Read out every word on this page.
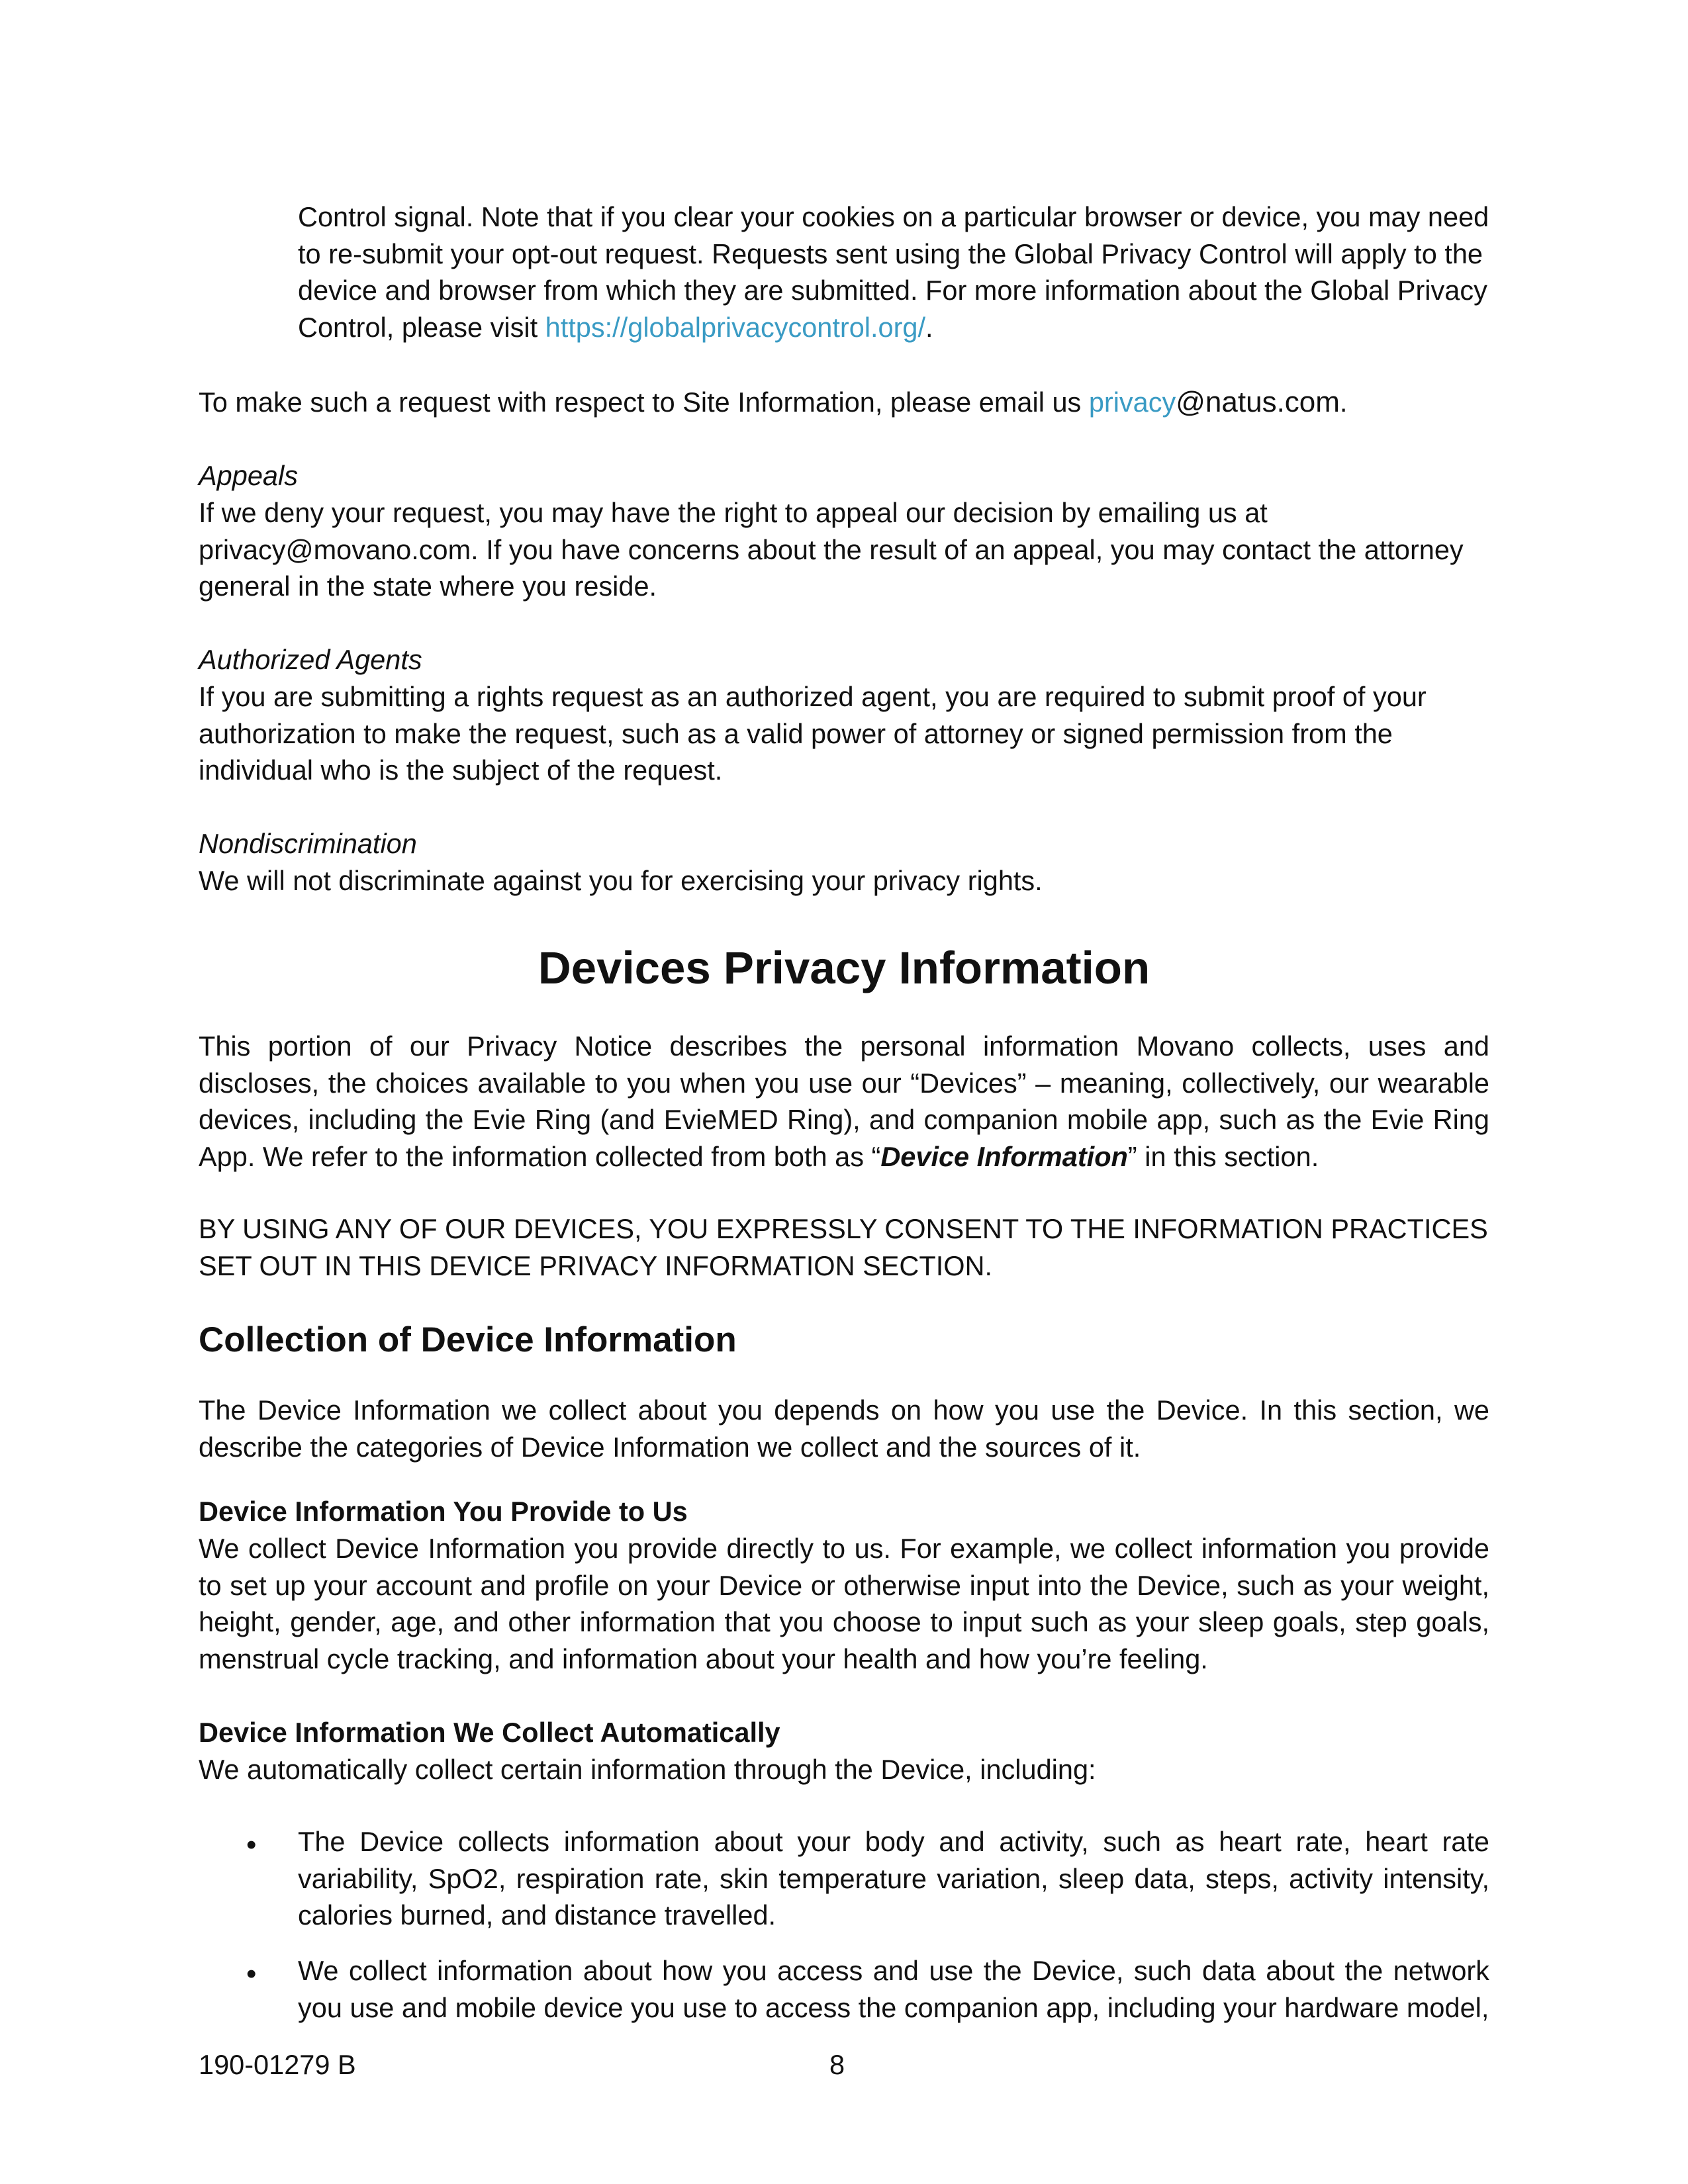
Control signal. Note that if you clear your cookies on a particular browser or device, you may need to re-submit your opt-out request. Requests sent using the Global Privacy Control will apply to the device and browser from which they are submitted. For more information about the Global Privacy Control, please visit https://globalprivacycontrol.org/.

To make such a request with respect to Site Information, please email us privacy@natus.com.

Appeals

If we deny your request, you may have the right to appeal our decision by emailing us at privacy@movano.com. If you have concerns about the result of an appeal, you may contact the attorney general in the state where you reside.

Authorized Agents

If you are submitting a rights request as an authorized agent, you are required to submit proof of your authorization to make the request, such as a valid power of attorney or signed permission from the individual who is the subject of the request.

Nondiscrimination

We will not discriminate against you for exercising your privacy rights.

Devices Privacy Information

This portion of our Privacy Notice describes the personal information Movano collects, uses and discloses, the choices available to you when you use our “Devices” – meaning, collectively, our wearable devices, including the Evie Ring (and EvieMED Ring), and companion mobile app, such as the Evie Ring App. We refer to the information collected from both as “Device Information” in this section.

BY USING ANY OF OUR DEVICES, YOU EXPRESSLY CONSENT TO THE INFORMATION PRACTICES SET OUT IN THIS DEVICE PRIVACY INFORMATION SECTION.

Collection of Device Information

The Device Information we collect about you depends on how you use the Device. In this section, we describe the categories of Device Information we collect and the sources of it.

Device Information You Provide to Us

We collect Device Information you provide directly to us. For example, we collect information you provide to set up your account and profile on your Device or otherwise input into the Device, such as your weight, height, gender, age, and other information that you choose to input such as your sleep goals, step goals, menstrual cycle tracking, and information about your health and how you’re feeling.

Device Information We Collect Automatically

We automatically collect certain information through the Device, including:

• The Device collects information about your body and activity, such as heart rate, heart rate variability, SpO2, respiration rate, skin temperature variation, sleep data, steps, activity intensity, calories burned, and distance travelled.

• We collect information about how you access and use the Device, such data about the network you use and mobile device you use to access the companion app, including your hardware model,

190-01279 B	8
